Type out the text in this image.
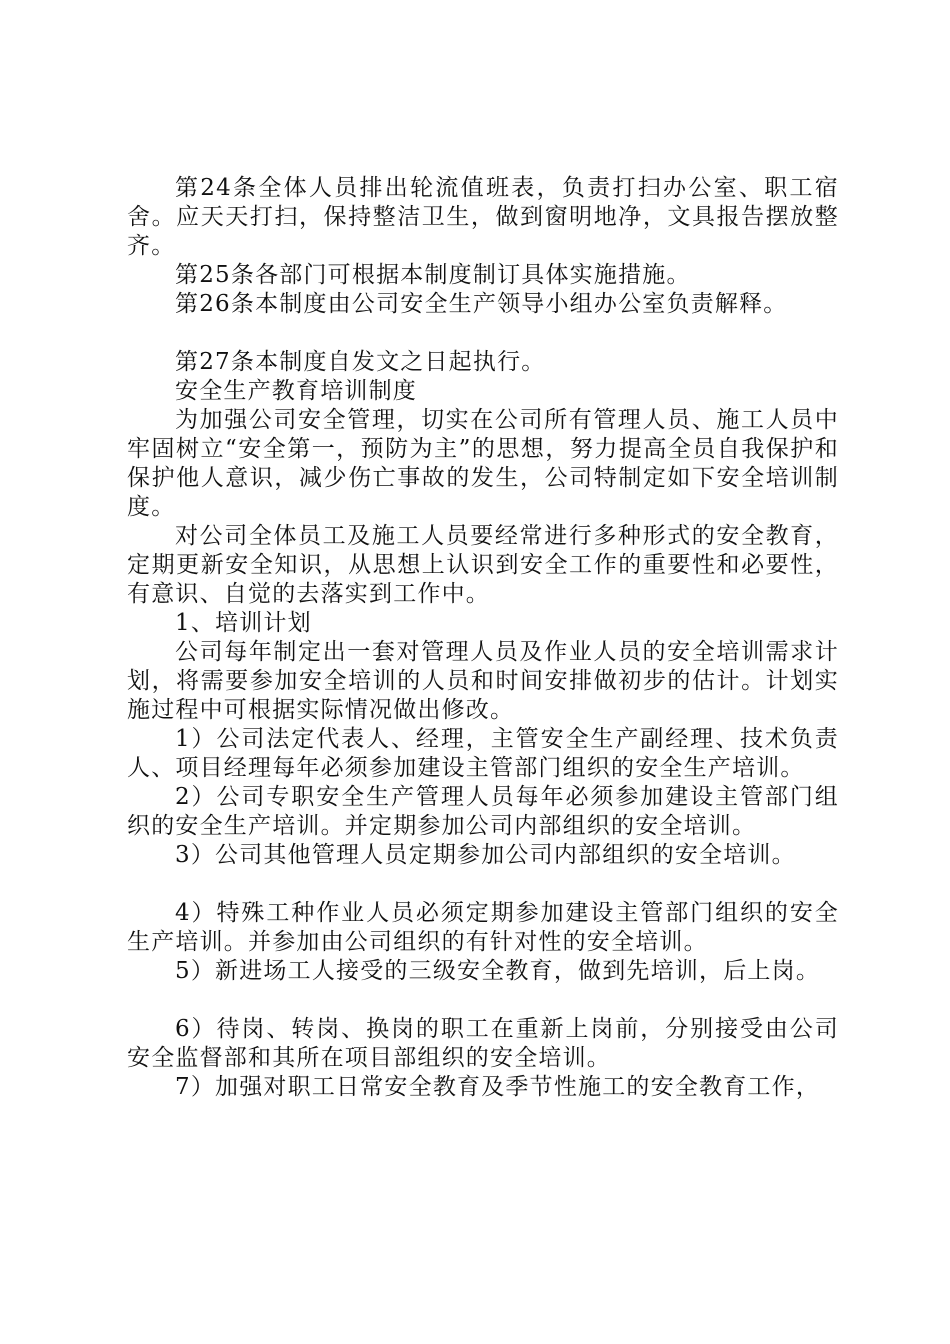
第24条全体人员排出轮流值班表，负责打扫办公室、职工宿舍。应天天打扫，保持整洁卫生，做到窗明地净，文具报告摆放整齐。

第25条各部门可根据本制度制订具体实施措施。

第26条本制度由公司安全生产领导小组办公室负责解释。

第27条本制度自发文之日起执行。

安全生产教育培训制度

为加强公司安全管理，切实在公司所有管理人员、施工人员中牢固树立“安全第一，预防为主”的思想，努力提高全员自我保护和保护他人意识，减少伤亡事故的发生，公司特制定如下安全培训制度。

对公司全体员工及施工人员要经常进行多种形式的安全教育，定期更新安全知识，从思想上认识到安全工作的重要性和必要性，有意识、自觉的去落实到工作中。

1、培训计划

公司每年制定出一套对管理人员及作业人员的安全培训需求计划，将需要参加安全培训的人员和时间安排做初步的估计。计划实施过程中可根据实际情况做出修改。

1）公司法定代表人、经理，主管安全生产副经理、技术负责人、项目经理每年必须参加建设主管部门组织的安全生产培训。

2）公司专职安全生产管理人员每年必须参加建设主管部门组织的安全生产培训。并定期参加公司内部组织的安全培训。

3）公司其他管理人员定期参加公司内部组织的安全培训。

4）特殊工种作业人员必须定期参加建设主管部门组织的安全生产培训。并参加由公司组织的有针对性的安全培训。

5）新进场工人接受的三级安全教育，做到先培训，后上岗。

6）待岗、转岗、换岗的职工在重新上岗前，分别接受由公司安全监督部和其所在项目部组织的安全培训。

7）加强对职工日常安全教育及季节性施工的安全教育工作，
